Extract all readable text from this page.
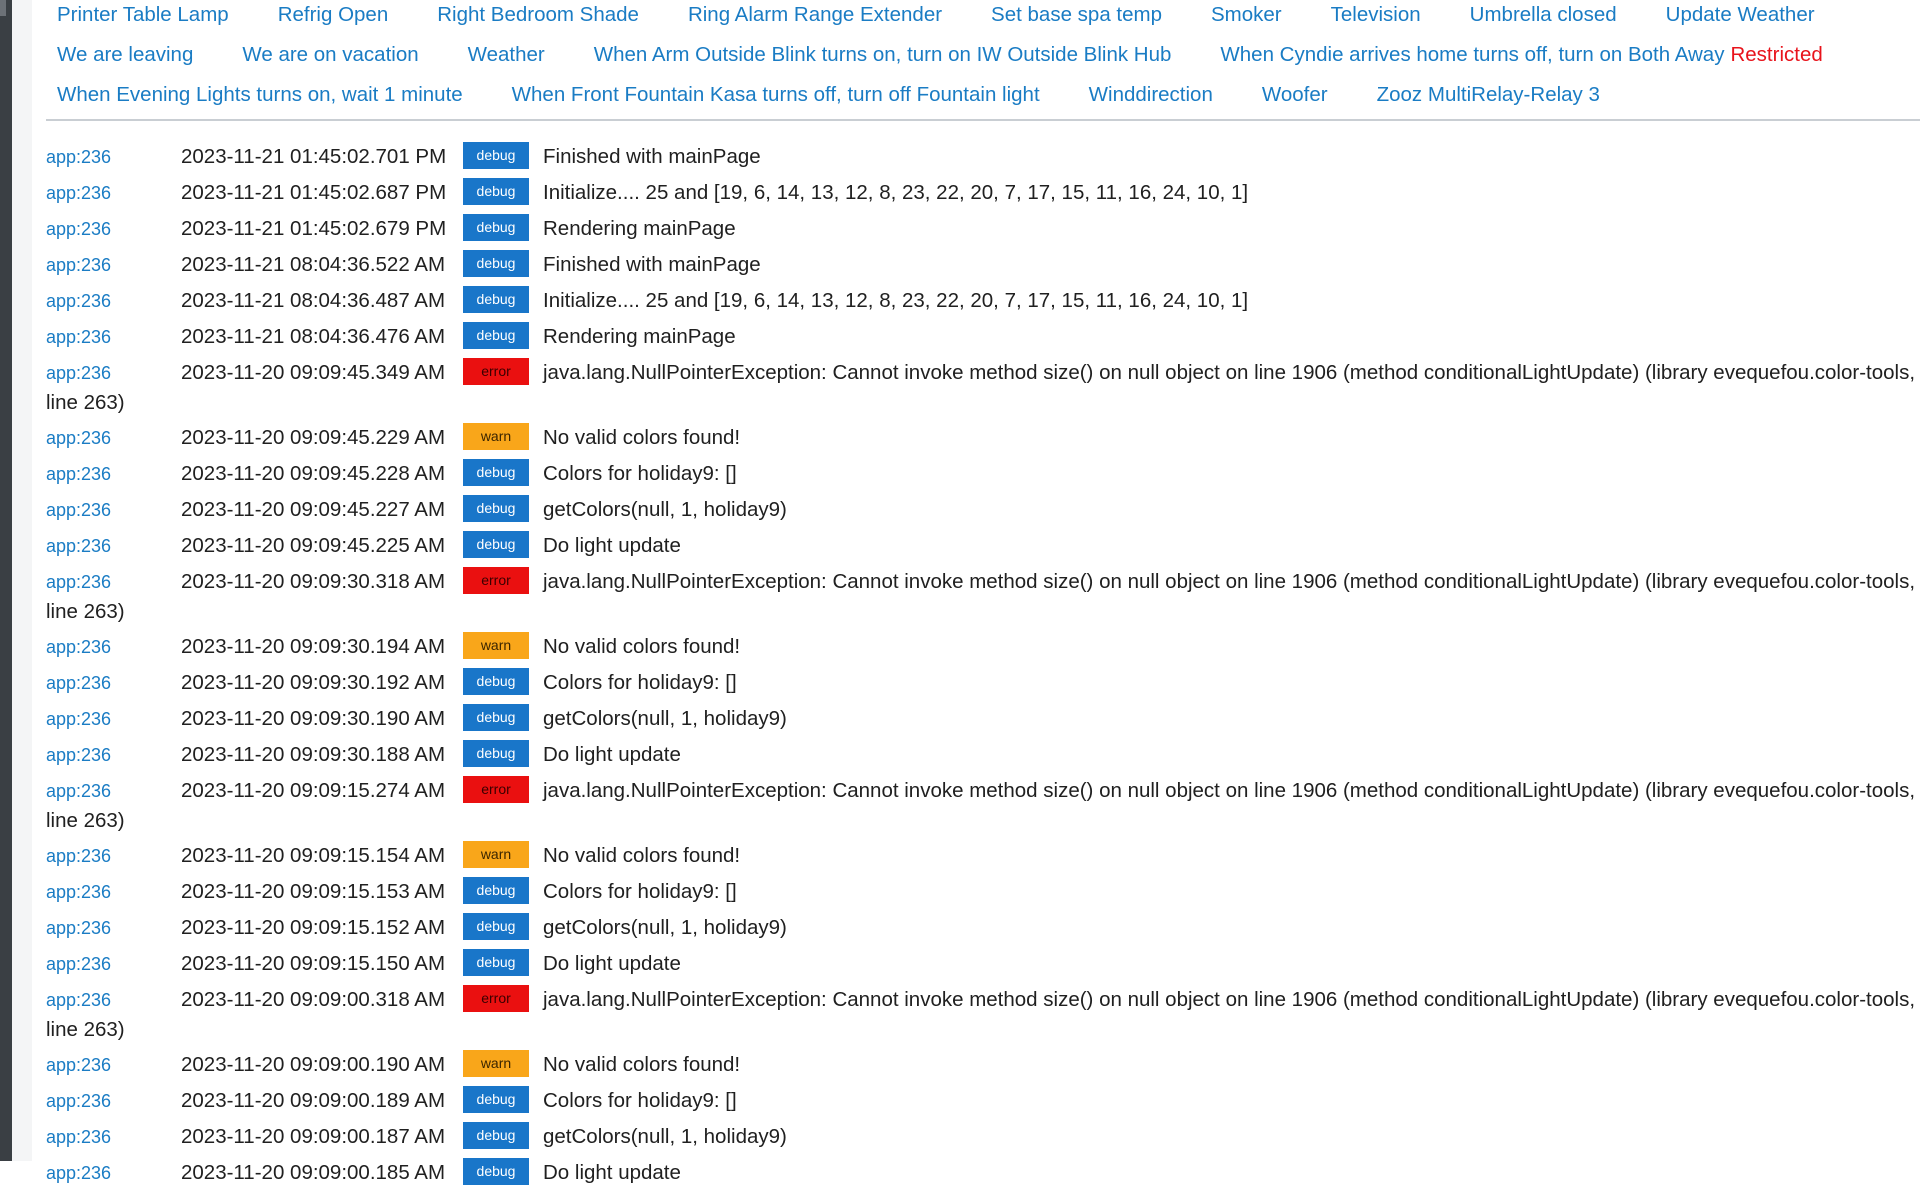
Printer Table Lamp Refrig Open Right Bedroom Shade Ring Alarm Range Extender Set base spa temp Smoker Television Umbrella closed Update Weather
We are leaving We are on vacation Weather When Arm Outside Blink turns on, turn on IW Outside Blink Hub When Cyndie arrives home turns off, turn on Both Away Restricted
When Evening Lights turns on, wait 1 minute When Front Fountain Kasa turns off, turn off Fountain light Winddirection Woofer Zooz MultiRelay-Relay 3
app:236	2023-11-21 01:45:02.701 PM debug Finished with mainPage
app:236	2023-11-21 01:45:02.687 PM debug Initialize.... 25 and [19, 6, 14, 13, 12, 8, 23, 22, 20, 7, 17, 15, 11, 16, 24, 10, 1]
app:236	2023-11-21 01:45:02.679 PM debug Rendering mainPage
app:236	2023-11-21 08:04:36.522 AM debug Finished with mainPage
app:236	2023-11-21 08:04:36.487 AM debug Initialize.... 25 and [19, 6, 14, 13, 12, 8, 23, 22, 20, 7, 17, 15, 11, 16, 24, 10, 1]
app:236	2023-11-21 08:04:36.476 AM debug Rendering mainPage
app:236	2023-11-20 09:09:45.349 AM	error java.lang.NullPointerException: Cannot invoke method size() on null object on line 1906 (method conditionalLightUpdate) (library evequefou.color-tools, line 263)
app:236	2023-11-20 09:09:45.229 AM	warn No valid colors found!
app:236	2023-11-20 09:09:45.228 AM debug Colors for holiday9: []
app:236	2023-11-20 09:09:45.227 AM debug getColors(null, 1, holiday9)
app:236	2023-11-20 09:09:45.225 AM debug Do light update
app:236	2023-11-20 09:09:30.318 AM	error java.lang.NullPointerException: Cannot invoke method size() on null object on line 1906 (method conditionalLightUpdate) (library evequefou.color-tools, line 263)
app:236	2023-11-20 09:09:30.194 AM	warn No valid colors found!
app:236	2023-11-20 09:09:30.192 AM debug Colors for holiday9: []
app:236	2023-11-20 09:09:30.190 AM debug getColors(null, 1, holiday9)
app:236	2023-11-20 09:09:30.188 AM debug Do light update
app:236	2023-11-20 09:09:15.274 AM	error java.lang.NullPointerException: Cannot invoke method size() on null object on line 1906 (method conditionalLightUpdate) (library evequefou.color-tools, line 263)
app:236	2023-11-20 09:09:15.154 AM	warn No valid colors found!
app:236	2023-11-20 09:09:15.153 AM debug Colors for holiday9: []
app:236	2023-11-20 09:09:15.152 AM debug getColors(null, 1, holiday9)
app:236	2023-11-20 09:09:15.150 AM debug Do light update
app:236	2023-11-20 09:09:00.318 AM	error java.lang.NullPointerException: Cannot invoke method size() on null object on line 1906 (method conditionalLightUpdate) (library evequefou.color-tools, line 263)
app:236	2023-11-20 09:09:00.190 AM	warn No valid colors found!
app:236	2023-11-20 09:09:00.189 AM debug Colors for holiday9: []
app:236	2023-11-20 09:09:00.187 AM debug getColors(null, 1, holiday9)
app:236	2023-11-20 09:09:00.185 AM debug Do light update
